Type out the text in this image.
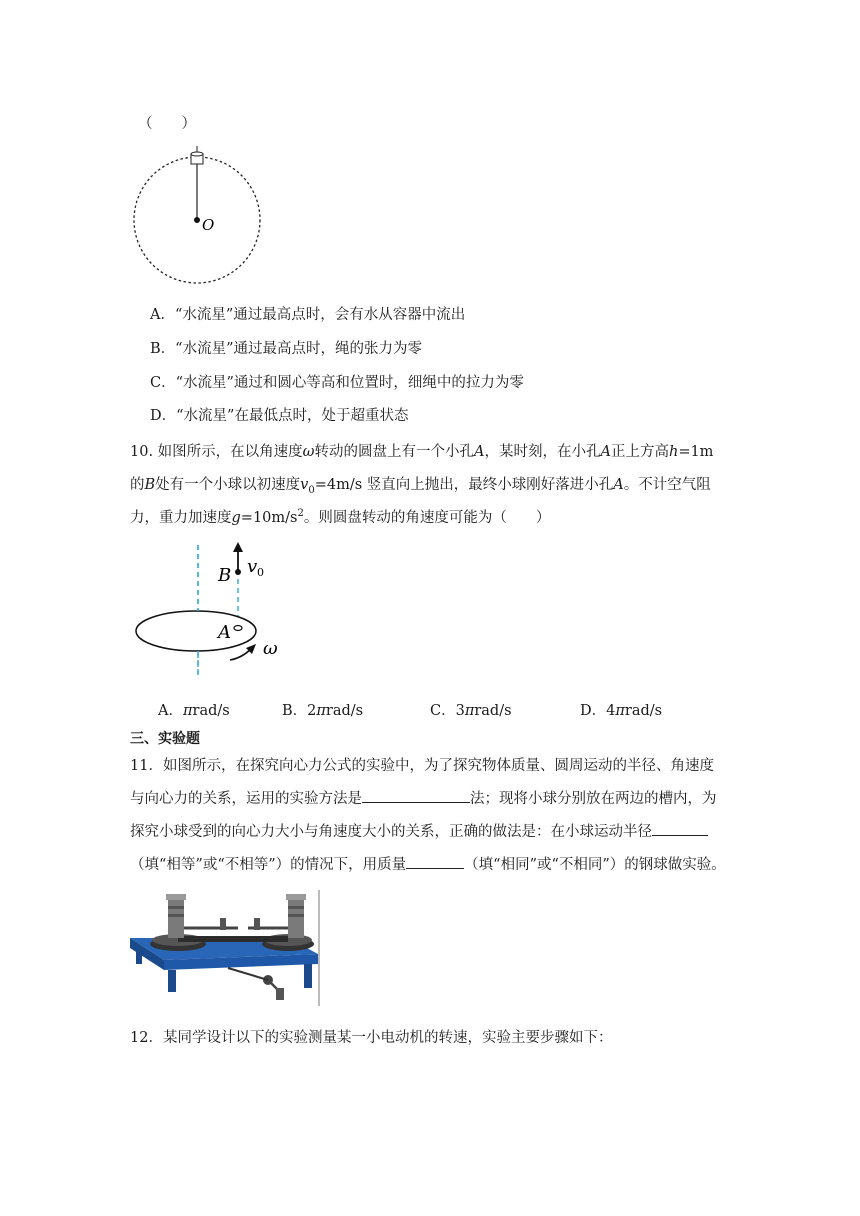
（　　）
O
A．“水流星”通过最高点时，会有水从容器中流出
B．“水流星”通过最高点时，绳的张力为零
C．“水流星”通过和圆心等高和位置时，细绳中的拉力为零
D．“水流星”在最低点时，处于超重状态
10. 如图所示，在以角速度ω转动的圆盘上有一个小孔A，某时刻，在小孔A正上方高h=1m
的B处有一个小球以初速度$v_0=4m/s$ 竖直向上抛出，最终小球刚好落进小孔A。不计空气阻
力，重力加速度$g=10m/s^2$。则圆盘转动的角速度可能为（　　）
B v 0
A
ω
A．πrad/s	B．2πrad/s	C．3πrad/s	D．4πrad/s
三、实验题
11．如图所示，在探究向心力公式的实验中，为了探究物体质量、圆周运动的半径、角速度
与向心力的关系，运用的实验方法是	法；现将小球分别放在两边的槽内，为
探究小球受到的向心力大小与角速度大小的关系，正确的做法是：在小球运动半径
（填“相等”或“不相等”）的情况下，用质量	（填“相同”或“不相同”）的钢球做实验。
12．某同学设计以下的实验测量某一小电动机的转速，实验主要步骤如下：
